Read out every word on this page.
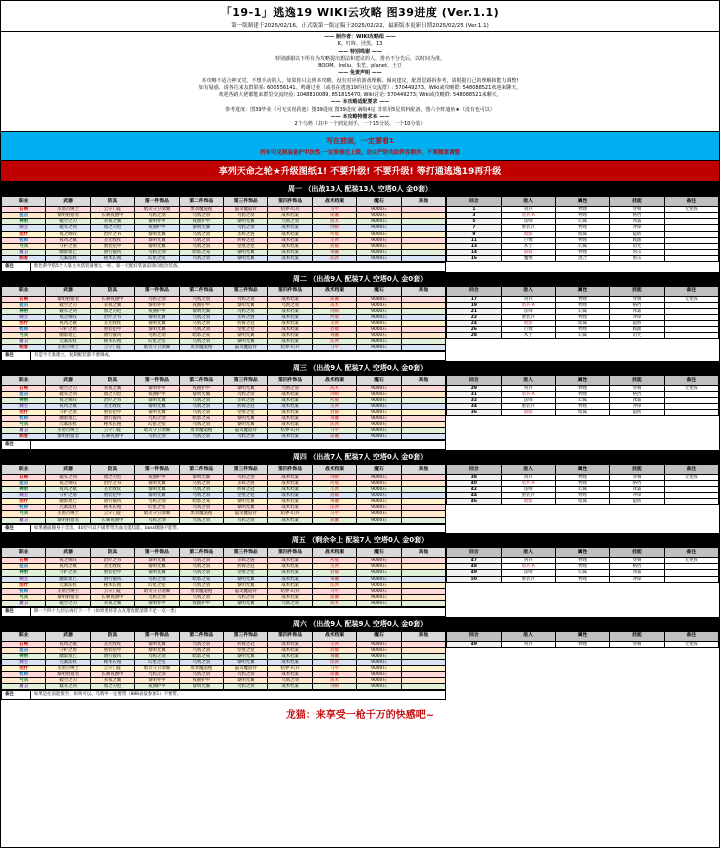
「19-1」逃逸19 WIKI云攻略 图39进度 (Ver.1.1)
第一版制建于2025/02/16，正式版第一版定稿于2025/02/22，最新版本更新日期2025/02/25 (Ver.1.1)
—— 制作者：WIKI攻略组 ——
K、叮咚、泾黑、13
—— 特别鸣谢 ——
特别感谢以下所有为攻略提出想法和建议的人、排名不分先后，以时间为准。
BOOM、Ireliu、朱笙、planet、土豆
—— 免责声明 ——
本攻略不适合神叉党、不想手动的人，如果你只会照本攻略，没有对应的游戏理解、倾向建议，配置思路拆参考，请根据自己的理解和能力调整!
如有疑惑，请各位来友群联系: 600556141。鸣谢过业（或者在逃逸19的社区交流群）: 570449273、Wiki或攻略群: 548088521欢迎来聊天。
欢迎各路大佬都能来群里交流经验: 1048810089, 851815470; Wiki讨论: 570449273; Wiki或攻略群: 548088521来聊天。
—— 本攻略适配要求 ——
参考进度：图39毕业（可无实况药池）图39进度 图39进度 满级4星 非常用5星资料配备，图六全阵通鱼★（没有也可以）
—— 本攻略特需求本 ——
2个乌鸦（其中一个到复刻手，一个15分装、一个10分装）
写在前面，一定要看1
所有可克制装备护甲抗性·一定要接近上限，动众严防攻防阵容顺序、不要随意调整
享列天命之轮★升级图纸1! 不要升级! 不要升级! 等打通逃逸19再升级
周一 （出战13人 配装13人 空塔0人 金0套）
职业	武器	防具	第一件饰品	第二件饰品	第三件饰品	第四件饰品	战术档案	魔石	其他
召唤	圣盾召唤士	云守门徒	暗灭守卫羽翼	黑衣魔道袍	隐炎魔道铃	结界·幻兵	马甲	9000石	
狙击	黎明射猎者	长刺夜曲甲	乌鸦之羽	乌鸦之羽	乌鸦之羽	战术档案	箭囊	9000石	
神射	破空之刃	永夜之翼	黎明外甲	夜曲护甲	黎明光翼	乌鸦之羽	战术	9000石	
剑士	破军之剑	血之刃铠	夜曲护甲	黎明光翼	乌鸦之羽	战术档案	剑鞘	9000石	
治疗	夜之咏叹	治疗之书	黎明光翼	乌鸦之羽	圣辉之链	战术档案	药瓶	9000石	
牧师	夜风之歌	圣光牧杖	黎明光翼	乌鸦之羽	祈祷之冠	战术档案	圣典	9000石	
弓兵	守护之盾	重装铠甲	黎明光翼	乌鸦之羽	坚壁之铠	战术档案	盾徽	9000石	
盾卫	幽影短匕	潜行披风	乌鸦之羽	暗影之戒	黎明光翼	战术档案	毒囊	9000石	
刺客	元素法杖	秘术长袍	幻星之坠	乌鸦之羽	黎明光翼	战术档案	法典	9000石	
备注	紫色系学搭5个人靠主火搭装备要么一样，靠一天配好装备前请向低位装备。
回合	敌人	属性	技能	备注
1	剑兵	物理	穿刺	无免疫
3	盾兵·A	物理	格挡	
5	法师	幻属	冰霜	
7	重装兵	物理	冲锋	
9	暗影	暗属	隐匿	
11	巨像	物理	践踏	
13	术士	幻属	诅咒	
14	游骑	物理	射击	
16	魔像	混合	重击	
周二 （出战9人 配装7人 空塔0人 金0套）
职业	武器	防具	第一件饰品	第二件饰品	第三件饰品	第四件饰品	战术档案	魔石	其他
召唤	黎明射猎者	长刺夜曲甲	乌鸦之羽	乌鸦之羽	乌鸦之羽	战术档案	箭囊	9000石	
狙击	破空之刃	永夜之翼	黎明外甲	夜曲护甲	黎明光翼	乌鸦之羽	战术	9000石	
神射	破军之剑	血之刃铠	夜曲护甲	黎明光翼	乌鸦之羽	战术档案	剑鞘	9000石	
剑士	夜之咏叹	治疗之书	黎明光翼	乌鸦之羽	圣辉之链	战术档案	药瓶	9000石	
治疗	夜风之歌	圣光牧杖	黎明光翼	乌鸦之羽	祈祷之冠	战术档案	圣典	9000石	
牧师	守护之盾	重装铠甲	黎明光翼	乌鸦之羽	坚壁之铠	战术档案	盾徽	9000石	
弓兵	幽影短匕	潜行披风	乌鸦之羽	暗影之戒	黎明光翼	战术档案	毒囊	9000石	
盾卫	元素法杖	秘术长袍	幻星之坠	乌鸦之羽	黎明光翼	战术档案	法典	9000石	
刺客	圣盾召唤士	云守门徒	暗灭守卫羽翼	黑衣魔道袍	隐炎魔道铃	结界·幻兵	马甲	9000石	
备注	有造今天准建立、复制配装都不要调成。
回合	敌人	属性	技能	备注
17	剑兵	物理	穿刺	无免疫
19	盾兵·A	物理	格挡	
21	法师	幻属	冰霜	
22	重装兵	物理	冲锋	
24	暗影	暗属	隐匿	
26	巨像	物理	践踏	
28	术士	幻属	诅咒	
周三 （出战9人 配装7人 空塔0人 金0套）
职业	武器	防具	第一件饰品	第二件饰品	第三件饰品	第四件饰品	战术档案	魔石	其他
召唤	破空之刃	永夜之翼	黎明外甲	夜曲护甲	黎明光翼	乌鸦之羽	战术	9000石	
狙击	破军之剑	血之刃铠	夜曲护甲	黎明光翼	乌鸦之羽	战术档案	剑鞘	9000石	
神射	夜之咏叹	治疗之书	黎明光翼	乌鸦之羽	圣辉之链	战术档案	药瓶	9000石	
剑士	夜风之歌	圣光牧杖	黎明光翼	乌鸦之羽	祈祷之冠	战术档案	圣典	9000石	
治疗	守护之盾	重装铠甲	黎明光翼	乌鸦之羽	坚壁之铠	战术档案	盾徽	9000石	
牧师	幽影短匕	潜行披风	乌鸦之羽	暗影之戒	黎明光翼	战术档案	毒囊	9000石	
弓兵	元素法杖	秘术长袍	幻星之坠	乌鸦之羽	黎明光翼	战术档案	法典	9000石	
盾卫	圣盾召唤士	云守门徒	暗灭守卫羽翼	黑衣魔道袍	隐炎魔道铃	结界·幻兵	马甲	9000石	
刺客	黎明射猎者	长刺夜曲甲	乌鸦之羽	乌鸦之羽	乌鸦之羽	战术档案	箭囊	9000石	
备注	
回合	敌人	属性	技能	备注
29	剑兵	物理	穿刺	无免疫
31	盾兵·A	物理	格挡	
32	法师	幻属	冰霜	
34	重装兵	物理	冲锋	
36	暗影	暗属	隐匿	
周四 （出战7人 配装7人 空塔0人 金0套）
职业	武器	防具	第一件饰品	第二件饰品	第三件饰品	第四件饰品	战术档案	魔石	其他
召唤	破军之剑	血之刃铠	夜曲护甲	黎明光翼	乌鸦之羽	战术档案	剑鞘	9000石	
狙击	夜之咏叹	治疗之书	黎明光翼	乌鸦之羽	圣辉之链	战术档案	药瓶	9000石	
神射	夜风之歌	圣光牧杖	黎明光翼	乌鸦之羽	祈祷之冠	战术档案	圣典	9000石	
剑士	守护之盾	重装铠甲	黎明光翼	乌鸦之羽	坚壁之铠	战术档案	盾徽	9000石	
治疗	幽影短匕	潜行披风	乌鸦之羽	暗影之戒	黎明光翼	战术档案	毒囊	9000石	
牧师	元素法杖	秘术长袍	幻星之坠	乌鸦之羽	黎明光翼	战术档案	法典	9000石	
弓兵	圣盾召唤士	云守门徒	暗灭守卫羽翼	黑衣魔道袍	隐炎魔道铃	结界·幻兵	马甲	9000石	
盾卫	黎明射猎者	长刺夜曲甲	乌鸦之羽	乌鸦之羽	乌鸦之羽	战术档案	箭囊	9000石	
备注	如果避面随身子音出，40层可以不破带带出血交能技能，boss级随不能带。
回合	敌人	属性	技能	备注
38	剑兵	物理	穿刺	无免疫
40	盾兵·A	物理	格挡	
42	法师	幻属	冰霜	
44	重装兵	物理	冲锋	
46	暗影	暗属	隐匿	
周五 （剩余伞上 配装7人 空塔0人 金0套）
职业	武器	防具	第一件饰品	第二件饰品	第三件饰品	第四件饰品	战术档案	魔石	其他
召唤	夜之咏叹	治疗之书	黎明光翼	乌鸦之羽	圣辉之链	战术档案	药瓶	9000石	
狙击	夜风之歌	圣光牧杖	黎明光翼	乌鸦之羽	祈祷之冠	战术档案	圣典	9000石	
神射	守护之盾	重装铠甲	黎明光翼	乌鸦之羽	坚壁之铠	战术档案	盾徽	9000石	
剑士	幽影短匕	潜行披风	乌鸦之羽	暗影之戒	黎明光翼	战术档案	毒囊	9000石	
治疗	元素法杖	秘术长袍	幻星之坠	乌鸦之羽	黎明光翼	战术档案	法典	9000石	
牧师	圣盾召唤士	云守门徒	暗灭守卫羽翼	黑衣魔道袍	隐炎魔道铃	结界·幻兵	马甲	9000石	
弓兵	黎明射猎者	长刺夜曲甲	乌鸦之羽	乌鸦之羽	乌鸦之羽	战术档案	箭囊	9000石	
盾卫	破空之刃	永夜之翼	黎明外甲	夜曲护甲	黎明光翼	乌鸦之羽	战术	9000石	
备注	除一个四十九层后再打下一个（如果里将非占瓦增皮配清算不足一点一类）
回合	敌人	属性	技能	备注
47	剑兵	物理	穿刺	无免疫
48	盾兵·A	物理	格挡	
49	法师	幻属	冰霜	
50	重装兵	物理	冲锋	
周六 （出战9人 配装9人 空塔0人 金0套）
职业	武器	防具	第一件饰品	第二件饰品	第三件饰品	第四件饰品	战术档案	魔石	其他
召唤	夜风之歌	圣光牧杖	黎明光翼	乌鸦之羽	祈祷之冠	战术档案	圣典	9000石	
狙击	守护之盾	重装铠甲	黎明光翼	乌鸦之羽	坚壁之铠	战术档案	盾徽	9000石	
神射	幽影短匕	潜行披风	乌鸦之羽	暗影之戒	黎明光翼	战术档案	毒囊	9000石	
剑士	元素法杖	秘术长袍	幻星之坠	乌鸦之羽	黎明光翼	战术档案	法典	9000石	
治疗	圣盾召唤士	云守门徒	暗灭守卫羽翼	黑衣魔道袍	隐炎魔道铃	结界·幻兵	马甲	9000石	
牧师	黎明射猎者	长刺夜曲甲	乌鸦之羽	乌鸦之羽	乌鸦之羽	战术档案	箭囊	9000石	
弓兵	破空之刃	永夜之翼	黎明外甲	夜曲护甲	黎明光翼	乌鸦之羽	战术	9000石	
盾卫	破军之剑	血之刃铠	夜曲护甲	黎明光翼	乌鸦之羽	战术档案	剑鞘	9000石	
备注	如果是往前能推至、如果可以、乌鸦甲一定要带（888表没参加1）不要带。
回合	敌人	属性	技能	备注
49	剑兵	物理	穿刺	无免疫
龙猫：来享受一枪千万的快感吧~
